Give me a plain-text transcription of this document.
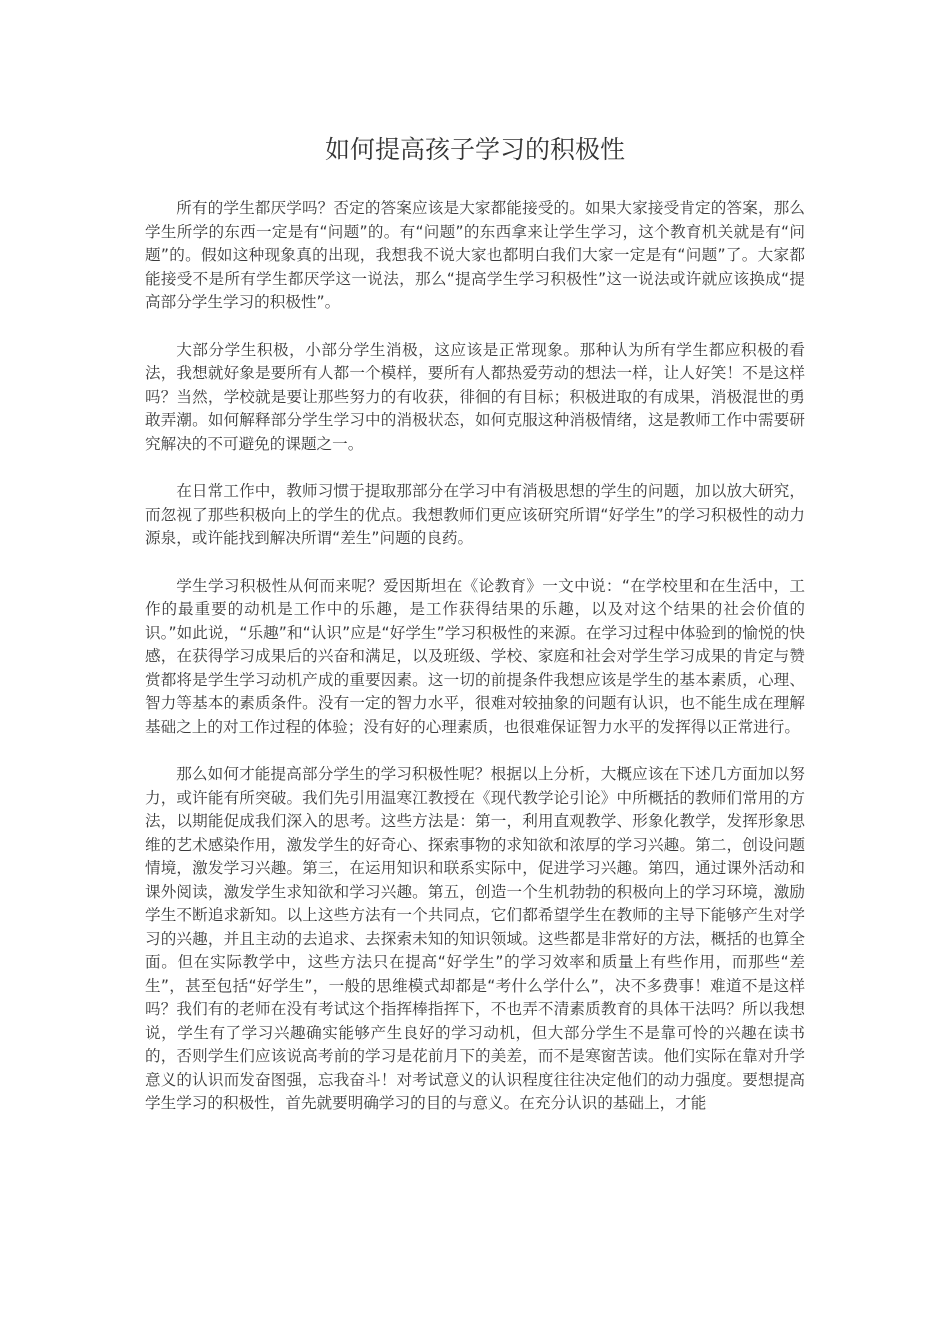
如何提高孩子学习的积极性

所有的学生都厌学吗？否定的答案应该是大家都能接受的。如果大家接受肯定的答案，那么学生所学的东西一定是有“问题”的。有“问题”的东西拿来让学生学习，这个教育机关就是有“问题”的。假如这种现象真的出现，我想我不说大家也都明白我们大家一定是有“问题”了。大家都能接受不是所有学生都厌学这一说法，那么“提高学生学习积极性”这一说法或许就应该换成“提高部分学生学习的积极性”。

大部分学生积极，小部分学生消极，这应该是正常现象。那种认为所有学生都应积极的看法，我想就好象是要所有人都一个模样，要所有人都热爱劳动的想法一样，让人好笑！不是这样吗？当然，学校就是要让那些努力的有收获，徘徊的有目标；积极进取的有成果，消极混世的勇敢弄潮。如何解释部分学生学习中的消极状态，如何克服这种消极情绪，这是教师工作中需要研究解决的不可避免的课题之一。

在日常工作中，教师习惯于提取那部分在学习中有消极思想的学生的问题，加以放大研究，而忽视了那些积极向上的学生的优点。我想教师们更应该研究所谓“好学生”的学习积极性的动力源泉，或许能找到解决所谓“差生”问题的良药。

学生学习积极性从何而来呢？爱因斯坦在《论教育》一文中说：“在学校里和在生活中，工作的最重要的动机是工作中的乐趣，是工作获得结果的乐趣，以及对这个结果的社会价值的识。”如此说，“乐趣”和“认识”应是“好学生”学习积极性的来源。在学习过程中体验到的愉悦的快感，在获得学习成果后的兴奋和满足，以及班级、学校、家庭和社会对学生学习成果的肯定与赞赏都将是学生学习动机产成的重要因素。这一切的前提条件我想应该是学生的基本素质，心理、智力等基本的素质条件。没有一定的智力水平，很难对较抽象的问题有认识，也不能生成在理解基础之上的对工作过程的体验；没有好的心理素质，也很难保证智力水平的发挥得以正常进行。

那么如何才能提高部分学生的学习积极性呢？根据以上分析，大概应该在下述几方面加以努力，或许能有所突破。我们先引用温寒江教授在《现代教学论引论》中所概括的教师们常用的方法，以期能促成我们深入的思考。这些方法是：第一，利用直观教学、形象化教学，发挥形象思维的艺术感染作用，激发学生的好奇心、探索事物的求知欲和浓厚的学习兴趣。第二，创设问题情境，激发学习兴趣。第三，在运用知识和联系实际中，促进学习兴趣。第四，通过课外活动和课外阅读，激发学生求知欲和学习兴趣。第五，创造一个生机勃勃的积极向上的学习环境，激励学生不断追求新知。以上这些方法有一个共同点，它们都希望学生在教师的主导下能够产生对学习的兴趣，并且主动的去追求、去探索未知的知识领域。这些都是非常好的方法，概括的也算全面。但在实际教学中，这些方法只在提高“好学生”的学习效率和质量上有些作用，而那些“差生”，甚至包括“好学生”，一般的思维模式却都是“考什么学什么”，决不多费事！难道不是这样吗？我们有的老师在没有考试这个指挥棒指挥下，不也弄不清素质教育的具体干法吗？所以我想说，学生有了学习兴趣确实能够产生良好的学习动机，但大部分学生不是靠可怜的兴趣在读书的，否则学生们应该说高考前的学习是花前月下的美差，而不是寒窗苦读。他们实际在靠对升学意义的认识而发奋图强，忘我奋斗！对考试意义的认识程度往往决定他们的动力强度。要想提高学生学习的积极性，首先就要明确学习的目的与意义。在充分认识的基础上，才能
